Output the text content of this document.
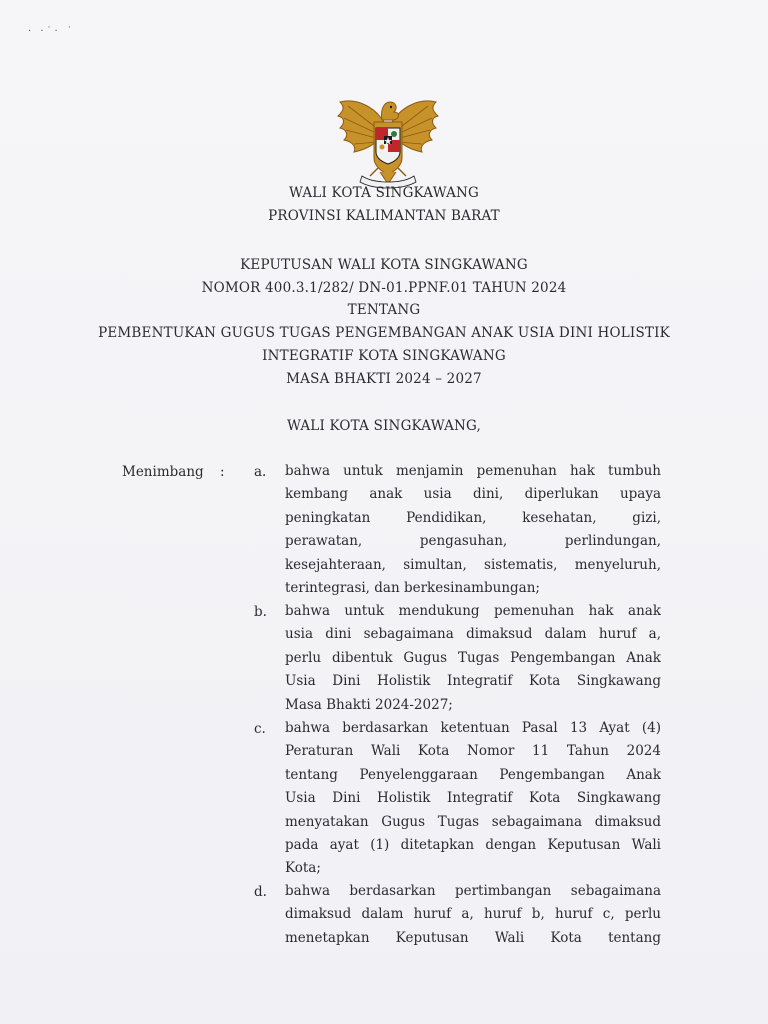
· ·˙· ˙
WALI KOTA SINGKAWANG
PROVINSI KALIMANTAN BARAT
KEPUTUSAN WALI KOTA SINGKAWANG
NOMOR 400.3.1/282/ DN-01.PPNF.01 TAHUN 2024
TENTANG
PEMBENTUKAN GUGUS TUGAS PENGEMBANGAN ANAK USIA DINI HOLISTIK
INTEGRATIF KOTA SINGKAWANG
MASA BHAKTI 2024 – 2027
WALI KOTA SINGKAWANG,
Menimbang : a. bahwa untuk menjamin pemenuhan hak tumbuh
kembang anak usia dini, diperlukan upaya
peningkatan Pendidikan, kesehatan, gizi,
perawatan, pengasuhan, perlindungan,
kesejahteraan, simultan, sistematis, menyeluruh,
terintegrasi, dan berkesinambungan;
b. bahwa untuk mendukung pemenuhan hak anak
usia dini sebagaimana dimaksud dalam huruf a,
perlu dibentuk Gugus Tugas Pengembangan Anak
Usia Dini Holistik Integratif Kota Singkawang
Masa Bhakti 2024-2027;
c. bahwa berdasarkan ketentuan Pasal 13 Ayat (4)
Peraturan Wali Kota Nomor 11 Tahun 2024
tentang Penyelenggaraan Pengembangan Anak
Usia Dini Holistik Integratif Kota Singkawang
menyatakan Gugus Tugas sebagaimana dimaksud
pada ayat (1) ditetapkan dengan Keputusan Wali
Kota;
d. bahwa berdasarkan pertimbangan sebagaimana
dimaksud dalam huruf a, huruf b, huruf c, perlu
menetapkan Keputusan Wali Kota tentang
